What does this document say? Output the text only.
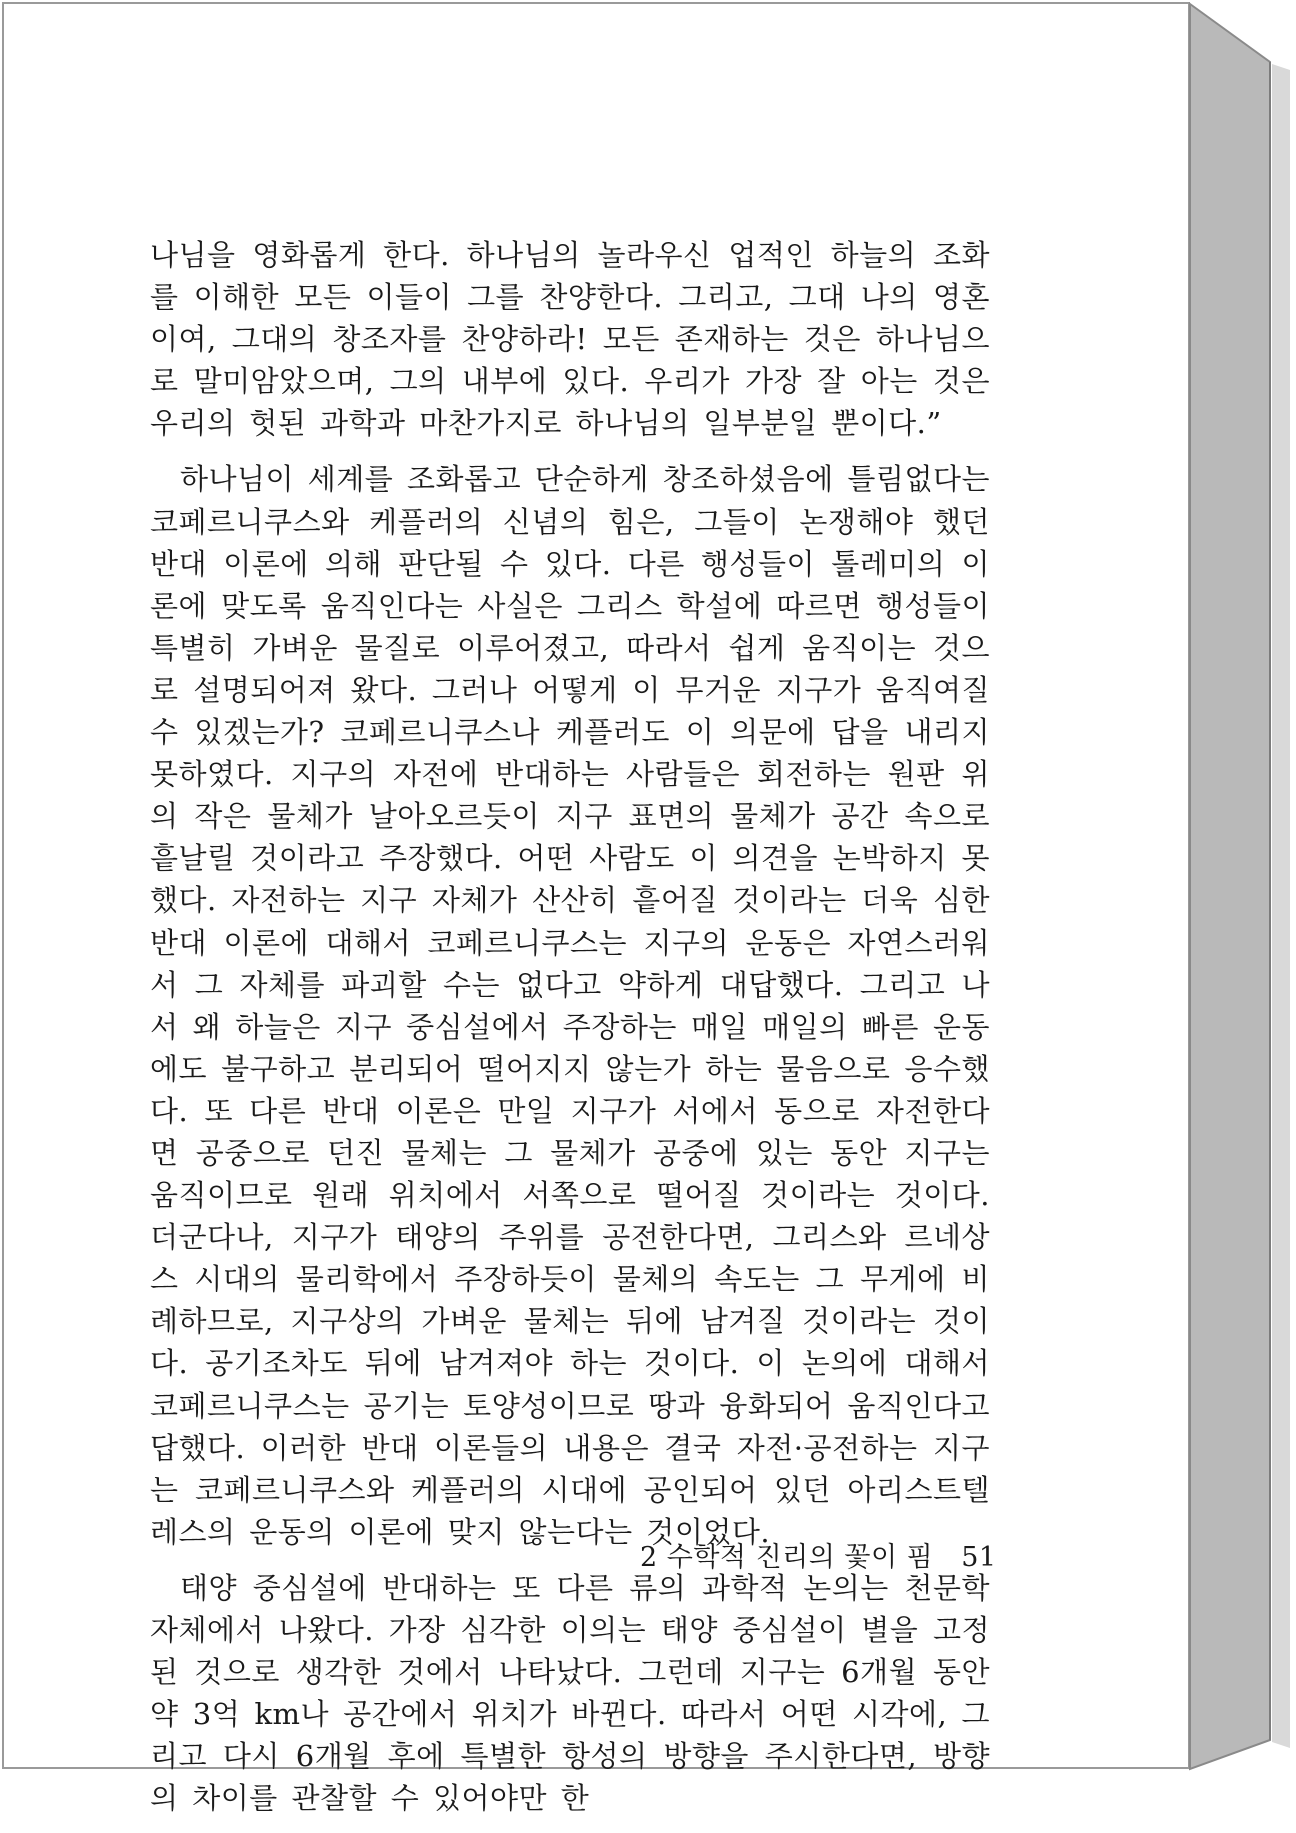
나님을 영화롭게 한다. 하나님의 놀라우신 업적인 하늘의 조화를 이해한 모든 이들이 그를 찬양한다. 그리고, 그대 나의 영혼이여, 그대의 창조자를 찬양하라! 모든 존재하는 것은 하나님으로 말미암았으며, 그의 내부에 있다. 우리가 가장 잘 아는 것은 우리의 헛된 과학과 마찬가지로 하나님의 일부분일 뿐이다.”

하나님이 세계를 조화롭고 단순하게 창조하셨음에 틀림없다는 코페르니쿠스와 케플러의 신념의 힘은, 그들이 논쟁해야 했던 반대 이론에 의해 판단될 수 있다. 다른 행성들이 톨레미의 이론에 맞도록 움직인다는 사실은 그리스 학설에 따르면 행성들이 특별히 가벼운 물질로 이루어졌고, 따라서 쉽게 움직이는 것으로 설명되어져 왔다. 그러나 어떻게 이 무거운 지구가 움직여질 수 있겠는가? 코페르니쿠스나 케플러도 이 의문에 답을 내리지 못하였다. 지구의 자전에 반대하는 사람들은 회전하는 원판 위의 작은 물체가 날아오르듯이 지구 표면의 물체가 공간 속으로 흩날릴 것이라고 주장했다. 어떤 사람도 이 의견을 논박하지 못했다. 자전하는 지구 자체가 산산히 흩어질 것이라는 더욱 심한 반대 이론에 대해서 코페르니쿠스는 지구의 운동은 자연스러워서 그 자체를 파괴할 수는 없다고 약하게 대답했다. 그리고 나서 왜 하늘은 지구 중심설에서 주장하는 매일 매일의 빠른 운동에도 불구하고 분리되어 떨어지지 않는가 하는 물음으로 응수했다. 또 다른 반대 이론은 만일 지구가 서에서 동으로 자전한다면 공중으로 던진 물체는 그 물체가 공중에 있는 동안 지구는 움직이므로 원래 위치에서 서쪽으로 떨어질 것이라는 것이다. 더군다나, 지구가 태양의 주위를 공전한다면, 그리스와 르네상스 시대의 물리학에서 주장하듯이 물체의 속도는 그 무게에 비례하므로, 지구상의 가벼운 물체는 뒤에 남겨질 것이라는 것이다. 공기조차도 뒤에 남겨져야 하는 것이다. 이 논의에 대해서 코페르니쿠스는 공기는 토양성이므로 땅과 융화되어 움직인다고 답했다. 이러한 반대 이론들의 내용은 결국 자전·공전하는 지구는 코페르니쿠스와 케플러의 시대에 공인되어 있던 아리스트텔레스의 운동의 이론에 맞지 않는다는 것이었다.

태양 중심설에 반대하는 또 다른 류의 과학적 논의는 천문학 자체에서 나왔다. 가장 심각한 이의는 태양 중심설이 별을 고정된 것으로 생각한 것에서 나타났다. 그런데 지구는 6개월 동안 약 3억 km나 공간에서 위치가 바뀐다. 따라서 어떤 시각에, 그리고 다시 6개월 후에 특별한 항성의 방향을 주시한다면, 방향의 차이를 관찰할 수 있어야만 한

2 수학적 진리의 꽃이 핌 51
